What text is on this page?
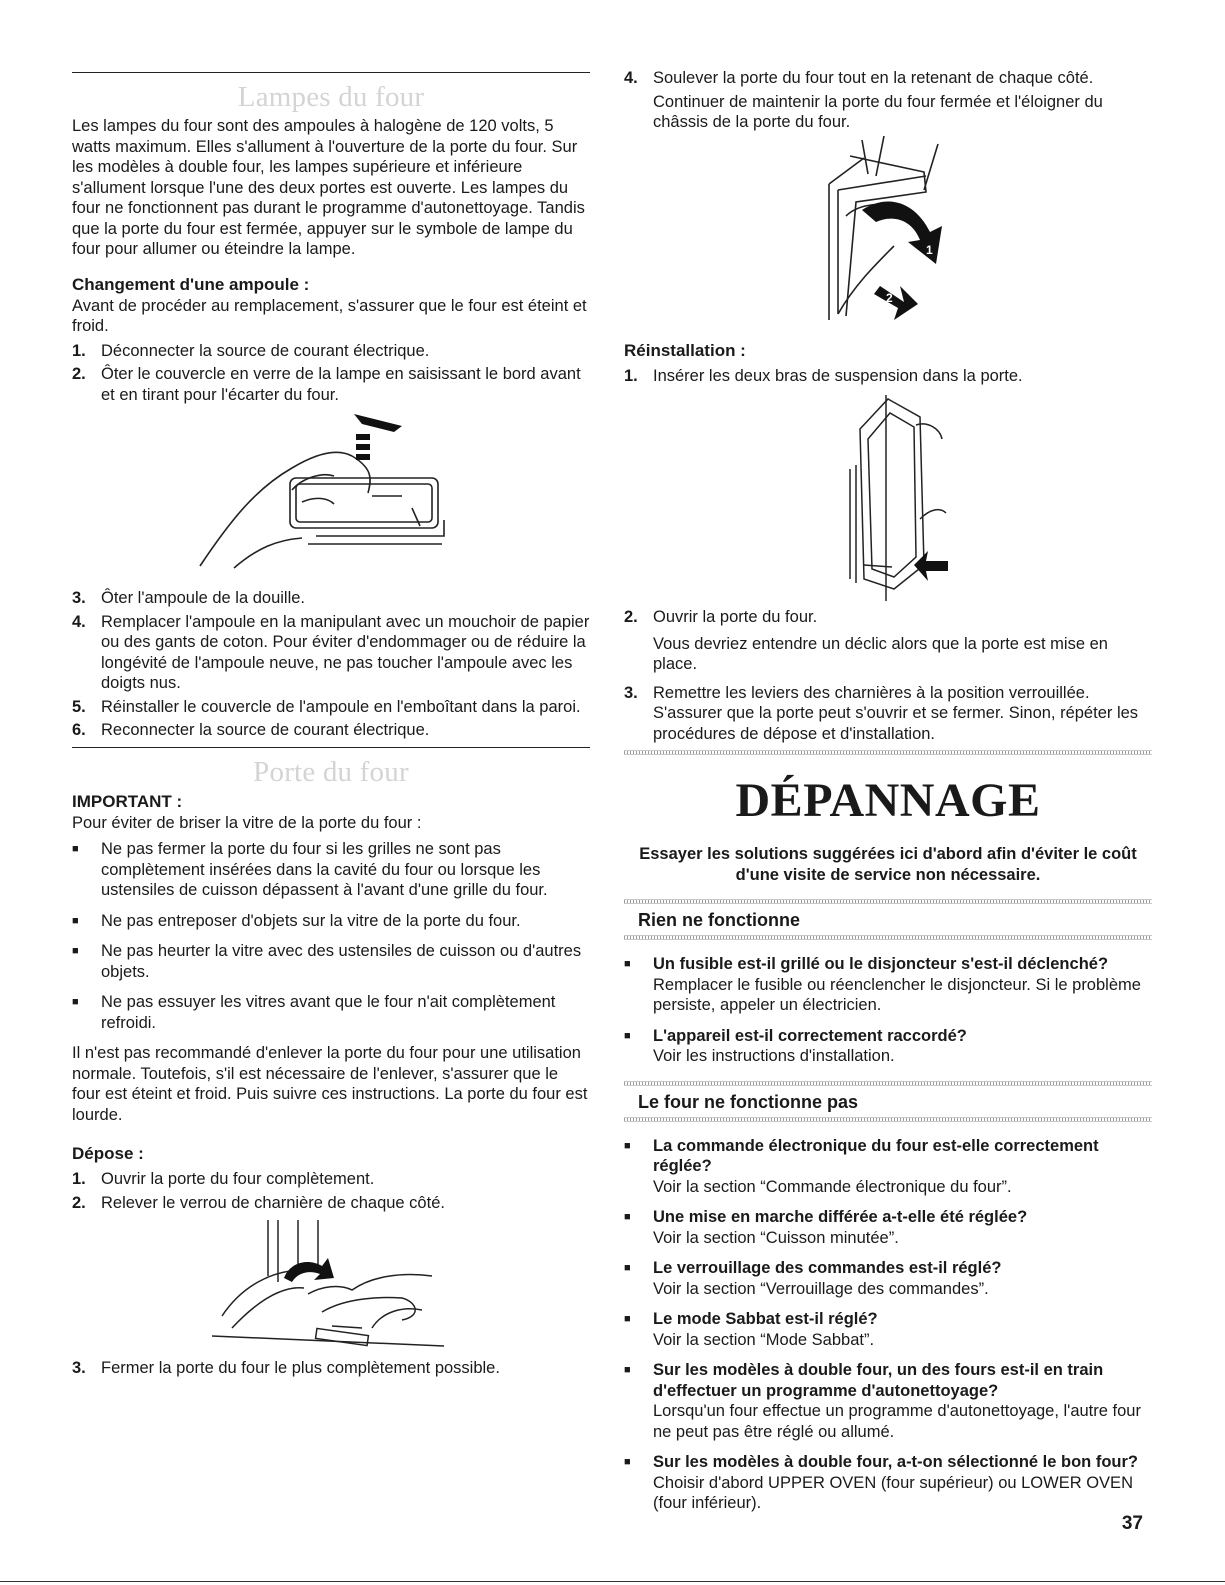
Lampes du four

Les lampes du four sont des ampoules à halogène de 120 volts, 5 watts maximum. Elles s'allument à l'ouverture de la porte du four. Sur les modèles à double four, les lampes supérieure et inférieure s'allument lorsque l'une des deux portes est ouverte. Les lampes du four ne fonctionnent pas durant le programme d'autonettoyage. Tandis que la porte du four est fermée, appuyer sur le symbole de lampe du four pour allumer ou éteindre la lampe.

Changement d'une ampoule :

Avant de procéder au remplacement, s'assurer que le four est éteint et froid.

1. Déconnecter la source de courant électrique.
2. Ôter le couvercle en verre de la lampe en saisissant le bord avant et en tirant pour l'écarter du four.
3. Ôter l'ampoule de la douille.
4. Remplacer l'ampoule en la manipulant avec un mouchoir de papier ou des gants de coton. Pour éviter d'endommager ou de réduire la longévité de l'ampoule neuve, ne pas toucher l'ampoule avec les doigts nus.
5. Réinstaller le couvercle de l'ampoule en l'emboîtant dans la paroi.
6. Reconnecter la source de courant électrique.
Porte du four
IMPORTANT :

Pour éviter de briser la vitre de la porte du four :

■	Ne pas fermer la porte du four si les grilles ne sont pas complètement insérées dans la cavité du four ou lorsque les ustensiles de cuisson dépassent à l'avant d'une grille du four.
■	Ne pas entreposer d'objets sur la vitre de la porte du four.
■	Ne pas heurter la vitre avec des ustensiles de cuisson ou d'autres objets.
■	Ne pas essuyer les vitres avant que le four n'ait complètement refroidi.

Il n'est pas recommandé d'enlever la porte du four pour une utilisation normale. Toutefois, s'il est nécessaire de l'enlever, s'assurer que le four est éteint et froid. Puis suivre ces instructions. La porte du four est lourde.

Dépose :
1. Ouvrir la porte du four complètement.
2. Relever le verrou de charnière de chaque côté.
3. Fermer la porte du four le plus complètement possible.
4. Soulever la porte du four tout en la retenant de chaque côté.

Continuer de maintenir la porte du four fermée et l'éloigner du châssis de la porte du four.

1
2
Réinstallation :
1. Insérer les deux bras de suspension dans la porte.
2. Ouvrir la porte du four.

Vous devriez entendre un déclic alors que la porte est mise en place.

3. Remettre les leviers des charnières à la position verrouillée. S'assurer que la porte peut s'ouvrir et se fermer. Sinon, répéter les procédures de dépose et d'installation.
DÉPANNAGE
Essayer les solutions suggérées ici d'abord afin d'éviter le coût d'une visite de service non nécessaire.
Rien ne fonctionne
■	Un fusible est-il grillé ou le disjoncteur s'est-il déclenché?
Remplacer le fusible ou réenclencher le disjoncteur. Si le problème persiste, appeler un électricien.
■	L'appareil est-il correctement raccordé?
Voir les instructions d'installation.
Le four ne fonctionne pas
■	La commande électronique du four est-elle correctement réglée?
Voir la section “Commande électronique du four”.
■	Une mise en marche différée a-t-elle été réglée?
Voir la section “Cuisson minutée”.
■	Le verrouillage des commandes est-il réglé?
Voir la section “Verrouillage des commandes”.
■	Le mode Sabbat est-il réglé?
Voir la section “Mode Sabbat”.
■	Sur les modèles à double four, un des fours est-il en train d'effectuer un programme d'autonettoyage?
Lorsqu'un four effectue un programme d'autonettoyage, l'autre four ne peut pas être réglé ou allumé.
■	Sur les modèles à double four, a-t-on sélectionné le bon four?
Choisir d'abord UPPER OVEN (four supérieur) ou LOWER OVEN (four inférieur).
37
